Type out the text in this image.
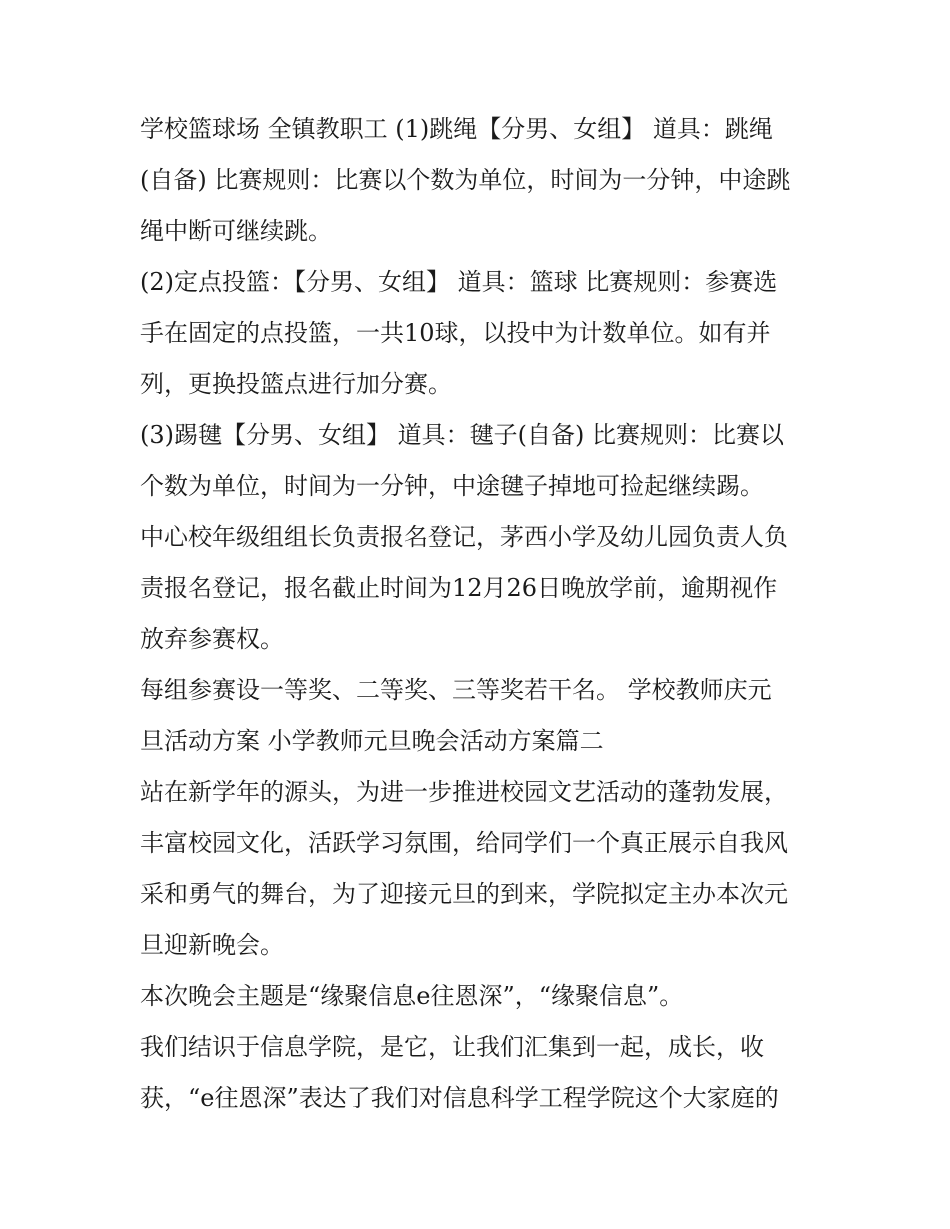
学校篮球场 全镇教职工 (1)跳绳【分男、女组】 道具：跳绳
(自备) 比赛规则：比赛以个数为单位，时间为一分钟，中途跳
绳中断可继续跳。
(2)定点投篮：【分男、女组】 道具：篮球 比赛规则：参赛选
手在固定的点投篮，一共10球，以投中为计数单位。如有并
列，更换投篮点进行加分赛。
(3)踢毽【分男、女组】 道具：毽子(自备) 比赛规则：比赛以
个数为单位，时间为一分钟，中途毽子掉地可捡起继续踢。
中心校年级组组长负责报名登记，茅西小学及幼儿园负责人负
责报名登记，报名截止时间为12月26日晚放学前，逾期视作
放弃参赛权。
每组参赛设一等奖、二等奖、三等奖若干名。 学校教师庆元
旦活动方案 小学教师元旦晚会活动方案篇二
站在新学年的源头，为进一步推进校园文艺活动的蓬勃发展，
丰富校园文化，活跃学习氛围，给同学们一个真正展示自我风
采和勇气的舞台，为了迎接元旦的到来，学院拟定主办本次元
旦迎新晚会。
本次晚会主题是“缘聚信息e往恩深”，“缘聚信息”。
我们结识于信息学院，是它，让我们汇集到一起，成长，收
获，“e往恩深”表达了我们对信息科学工程学院这个大家庭的
